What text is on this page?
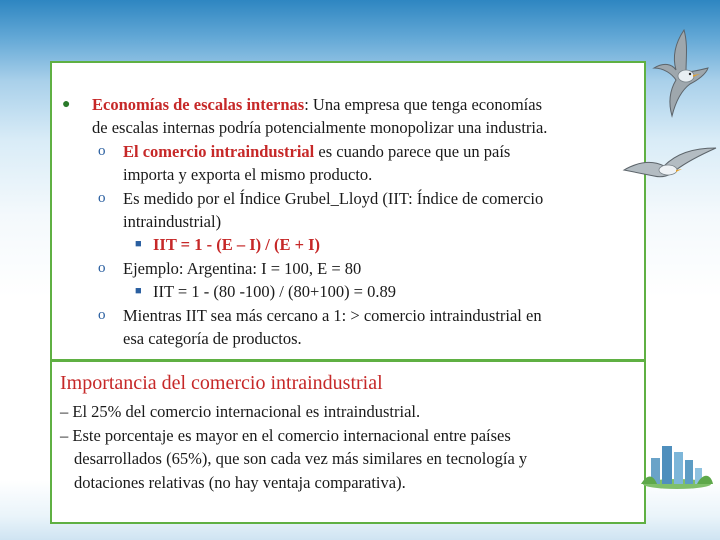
● Economías de escalas internas: Una empresa que tenga economías
de escalas internas podría potencialmente monopolizar una industria.
o El comercio intraindustrial es cuando parece que un país
importa y exporta el mismo producto.
o Es medido por el Índice Grubel_Lloyd (IIT: Índice de comercio
intraindustrial)
■ IIT = 1 - (E – I) / (E + I)
o Ejemplo: Argentina: I = 100, E = 80
■ IIT = 1 - (80 -100) / (80+100) = 0.89
o Mientras IIT sea más cercano a 1: > comercio intraindustrial en
esa categoría de productos.
Importancia del comercio intraindustrial
– El 25% del comercio internacional es intraindustrial.
– Este porcentaje es mayor en el comercio internacional entre países
desarrollados (65%), que son cada vez más similares en tecnología y
dotaciones relativas (no hay ventaja comparativa).
